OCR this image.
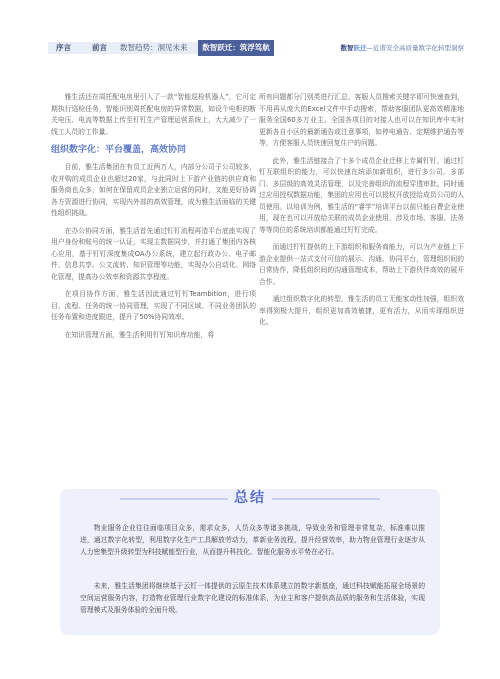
序言	前言 数智趋势：洞见未来	数智跃迁：筑浮笃航	数智跃迁—近谐安全高质量数字化转型洞察

雅生活还在周托配电房里引入了一款“智能巡检机器人”，它可定期执行巡检任务，智能识别周托配电房的异常数据，如设个电柜的断关电压、电流等数据上传至钉钉生产管理运营系统上，大大减少了一线工人员的工作量。

组织数字化：平台覆盖，高效协同

目前，雅生活集团在有员工近两万人，内部分公司子公司较多，收并购的成员企业也超过20家，与此同时上下游产业链的供应商和服务商也众多，如何在保留成员企业独立运营的同时，又能更好协调各方资源进行协同，实现内外部的高效管理，成为雅生活面临的关键性组织挑战。

在办公协同方面，雅生活首先通过钉钉流程再造平台底座实现了用户身份和账号的统一认证，实现主数据同步，并打通了集团内各核心应用，基于钉钉深度集成OA办公系统，建立起行政办公、电子邮件、信息共享、公文流转、知识管理等功能，实现办公自动化、网络化管理，提高办公效率和资源共享程度。

在项目协作方面，雅生活因此通过钉钉Teambition，进行项目、流程、任务的统一协同管理，实现了不同区域、不同业务团队的任务布置和进度跟进，提升了50%协同效率。

在知识管理方面，雅生活利用钉钉知识库功能，将

所有问题都分门别类进行汇总，客服人员搜索关键字即可快速查到，不用再从庞大的Excel文件中手动搜索，帮助客服团队更高效精准地服务全国60多万业主。全国各项目的对接人也可以在知识库中实时更新各自小区的最新通告或注意事项，如停电通告、定期维护通告等等，方便客服人员快速回复住户的问题。

此外，雅生活链接合了十多个成员企业迁移上专属钉钉，通过钉钉互联组织的能力，可以快速在统添加新组织，进行多公司、多部门、多层级的高效灵活管理，以及完善组织的流程穿透审批。同时通过应用授权数据功能，集团的应用也可以授权开放授给成员公司的人员使用。以培训为例，雅生活的“睿学”培训平台以前只能自费企业使用，现在也可以开放给关联的成员企业使用，涉及市场、客服、法务等等岗位的系统培训都能通过钉钉完成。

而通过钉钉提供的上下游组织和服务商能力，可以为产业链上下游企业提供一站式支付可信的展示、沟通、协同平台，管理组织间的日常协作，降低组织间的沟通管理成本，帮助上下游伙伴高效的展开合作。

通过组织数字化的转型，雅生活的员工无能家动性加强，组织效率得到极大提升，组织更加高效敏捷，更有活力，从而实现组织进化。

总结

物业服务企业往往面临项目众多，需求众多，人员众多等诸多挑战，导致业务和管理非常复杂，标准难以推进，通过数字化转型，利用数字化生产工具解放劳动力，革新业务流程，提升经营效率，助力物业管理行业逐步从人力密集型升级转型为科技赋能型行业，从而提升科技化、智能化服务水平势在必行。

未来，雅生活集团将继续基于云钉一体提供的云原生技术体系建立的数字新基座，通过科技赋能拓展全场景的空间运营服务内容，打造物业管理行业数字化建设的标准体系，为业主和客户提供高品质的服务和生活体验，实现管理模式及服务体验的全面升级。
